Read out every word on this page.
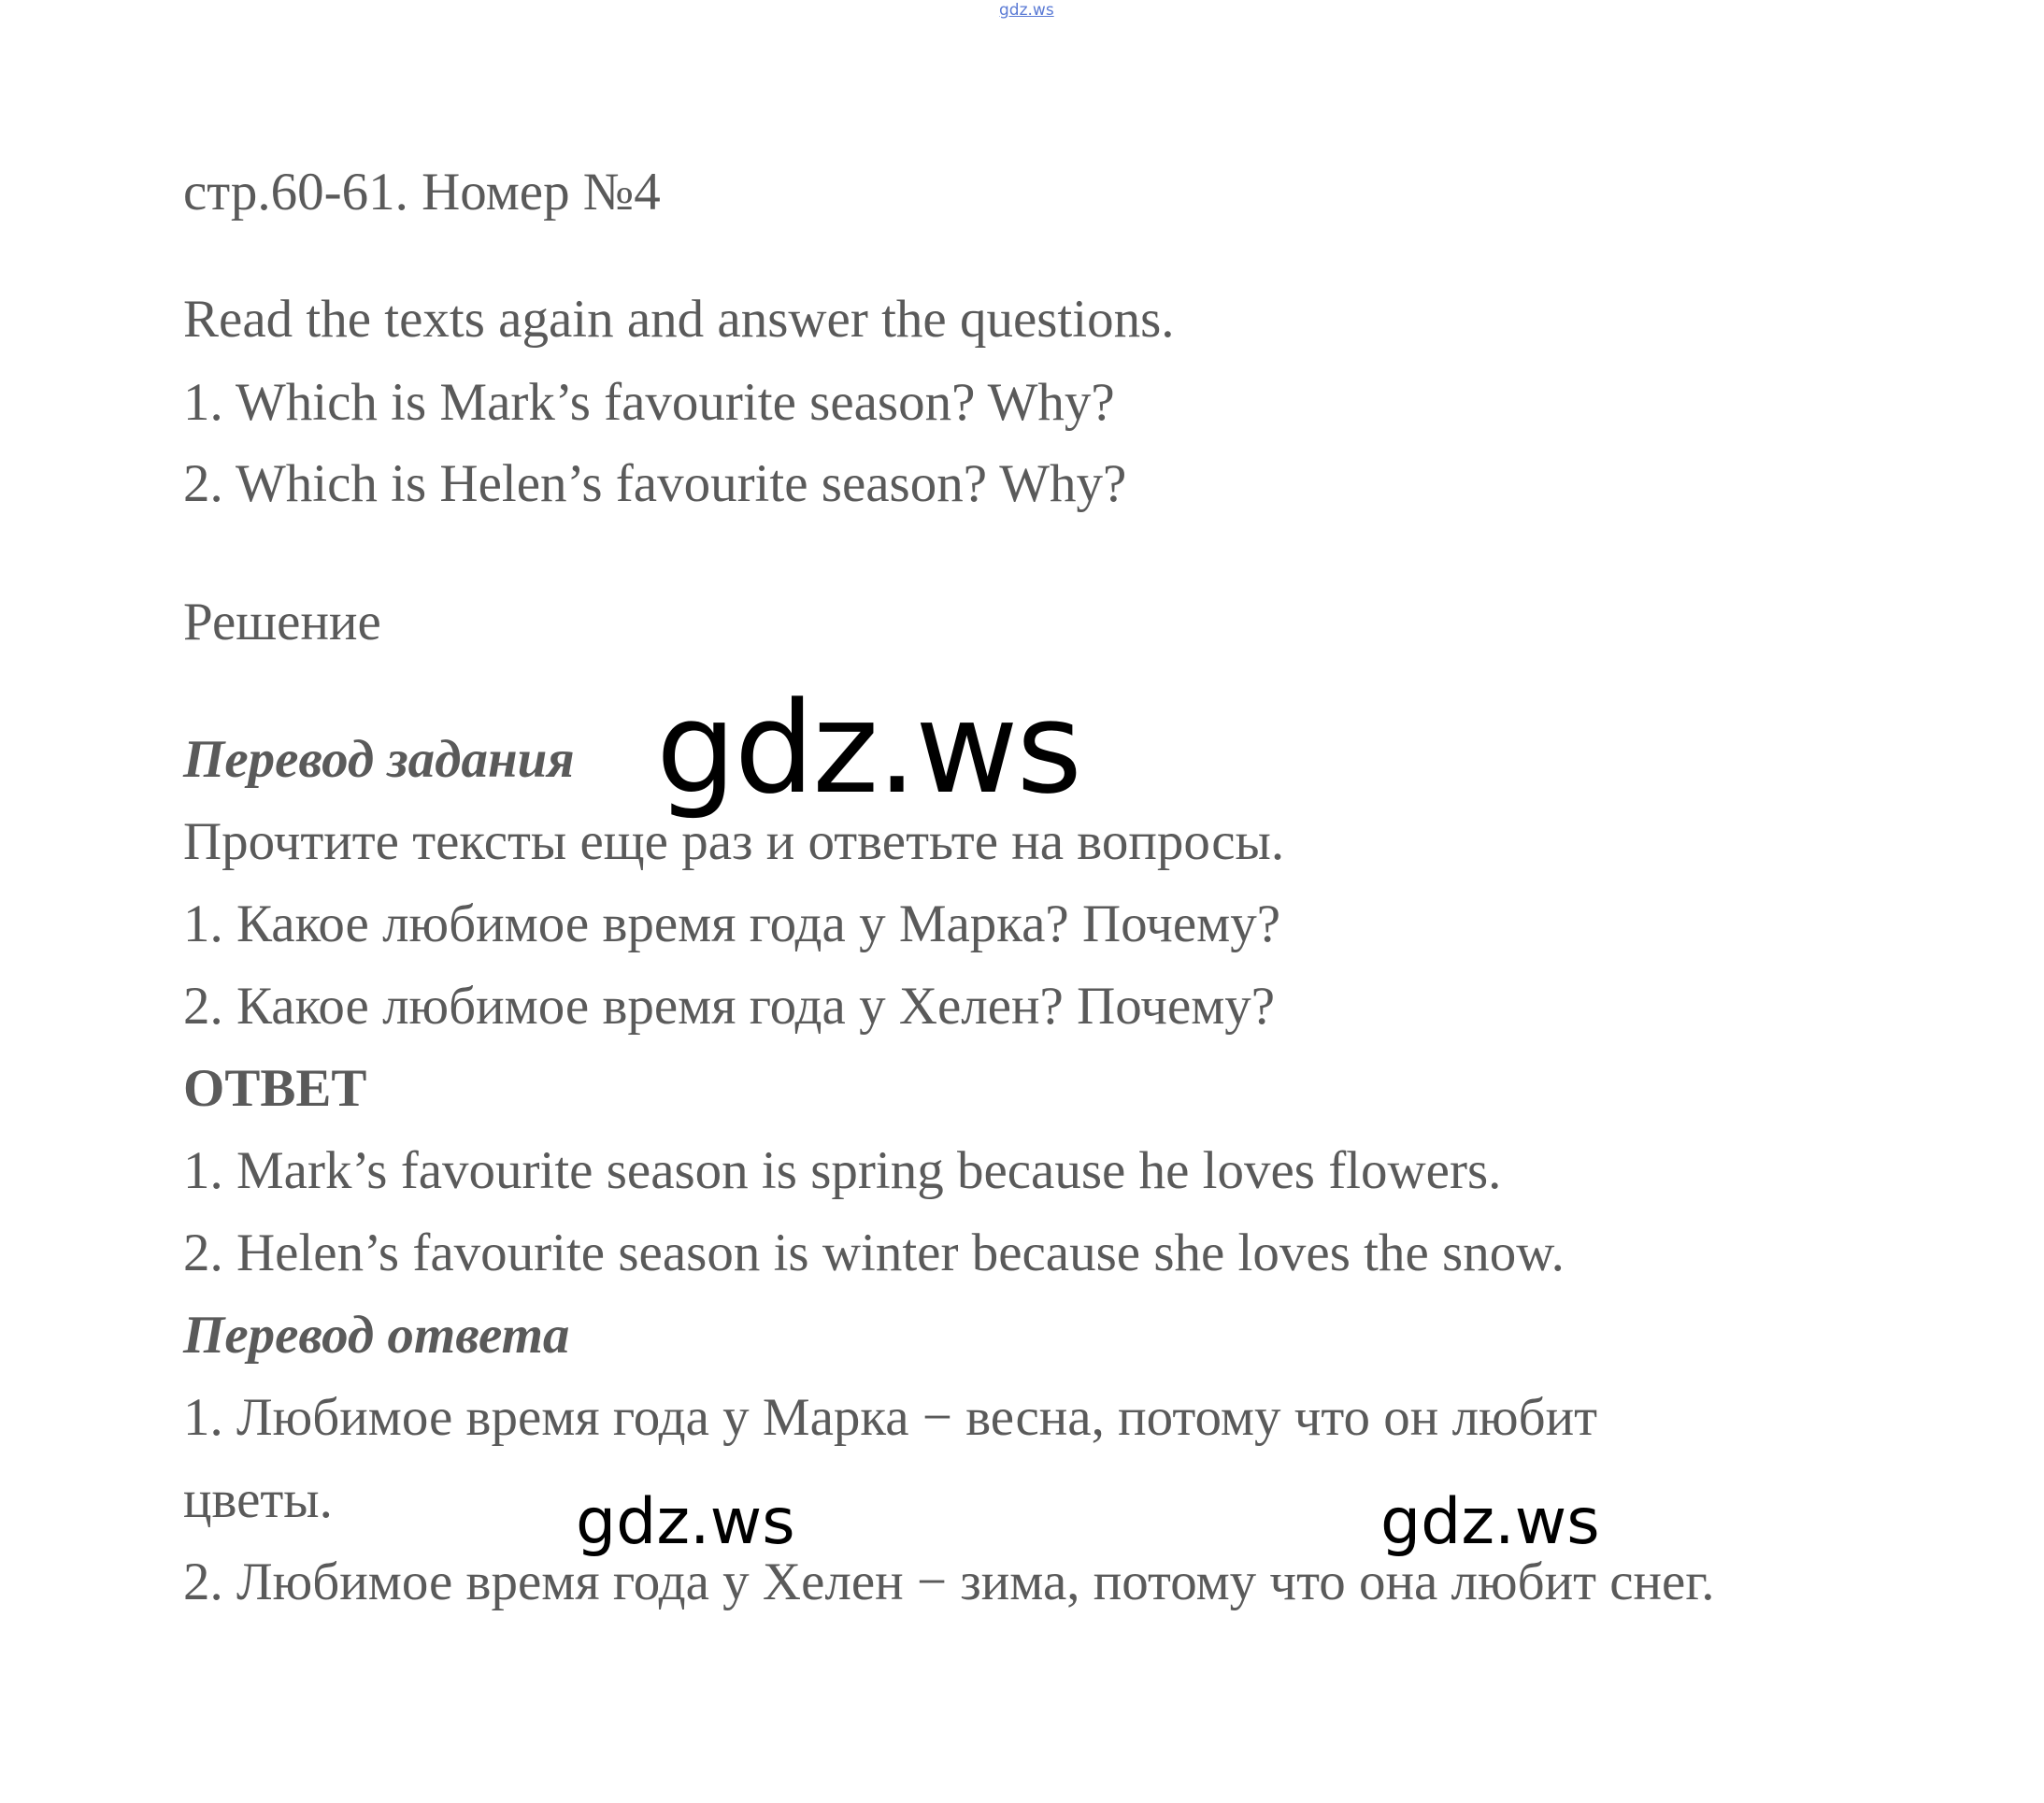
gdz.ws
стр.60-61. Номер №4
Read the texts again and answer the questions.
1. Which is Mark’s favourite season? Why?
2. Which is Helen’s favourite season? Why?
Решение
Перевод задания gdz.ws
Прочтите тексты еще раз и ответьте на вопросы.
1. Какое любимое время года у Марка? Почему?
2. Какое любимое время года у Хелен? Почему?
ОТВЕТ
1. Mark’s favourite season is spring because he loves flowers.
2. Helen’s favourite season is winter because she loves the snow.
Перевод ответа
1. Любимое время года у Марка − весна, потому что он любит
цветы.	gdz.ws	gdz.ws
2. Любимое время года у Хелен − зима, потому что она любит снег.
